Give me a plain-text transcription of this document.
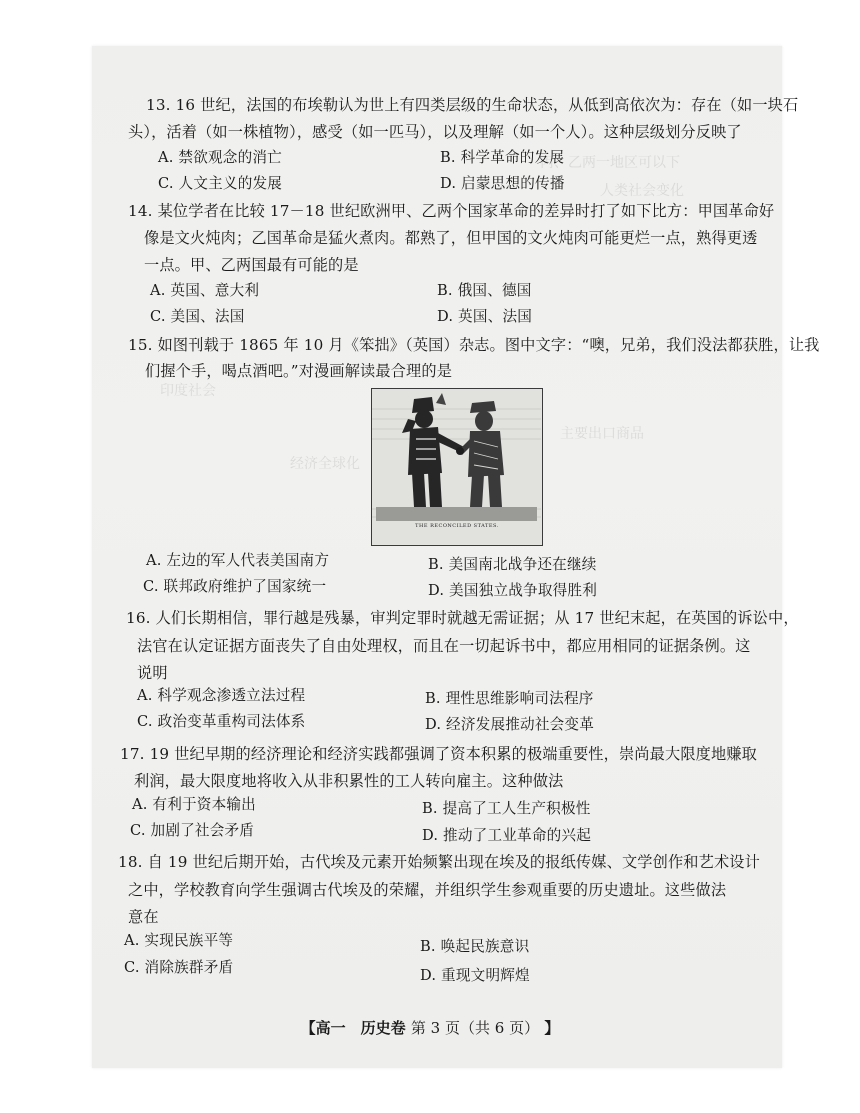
丙、乙两一地区可以下
人类社会变化
经济全球化
印度社会
主要出口商品
13. 16 世纪，法国的布埃勒认为世上有四类层级的生命状态，从低到高依次为：存在（如一块石
头），活着（如一株植物），感受（如一匹马），以及理解（如一个人）。这种层级划分反映了
A. 禁欲观念的消亡	B. 科学革命的发展
C. 人文主义的发展	D. 启蒙思想的传播
14. 某位学者在比较 17－18 世纪欧洲甲、乙两个国家革命的差异时打了如下比方：甲国革命好
像是文火炖肉；乙国革命是猛火煮肉。都熟了，但甲国的文火炖肉可能更烂一点，熟得更透
一点。甲、乙两国最有可能的是
A. 英国、意大利	B. 俄国、德国
C. 美国、法国	D. 英国、法国
15. 如图刊载于 1865 年 10 月《笨拙》（英国）杂志。图中文字：“噢，兄弟，我们没法都获胜，让我
们握个手，喝点酒吧。”对漫画解读最合理的是
THE RECONCILED STATES.
A. 左边的军人代表美国南方	B. 美国南北战争还在继续
C. 联邦政府维护了国家统一	D. 美国独立战争取得胜利
16. 人们长期相信，罪行越是残暴，审判定罪时就越无需证据；从 17 世纪末起，在英国的诉讼中，
法官在认定证据方面丧失了自由处理权，而且在一切起诉书中，都应用相同的证据条例。这
说明
A. 科学观念渗透立法过程	B. 理性思维影响司法程序
C. 政治变革重构司法体系	D. 经济发展推动社会变革
17. 19 世纪早期的经济理论和经济实践都强调了资本积累的极端重要性，崇尚最大限度地赚取
利润，最大限度地将收入从非积累性的工人转向雇主。这种做法
A. 有利于资本输出	B. 提高了工人生产积极性
C. 加剧了社会矛盾	D. 推动了工业革命的兴起
18. 自 19 世纪后期开始，古代埃及元素开始频繁出现在埃及的报纸传媒、文学创作和艺术设计
之中，学校教育向学生强调古代埃及的荣耀，并组织学生参观重要的历史遗址。这些做法
意在
A. 实现民族平等	B. 唤起民族意识
C. 消除族群矛盾	D. 重现文明辉煌
【高一　历史卷 第 3 页（共 6 页） 】
